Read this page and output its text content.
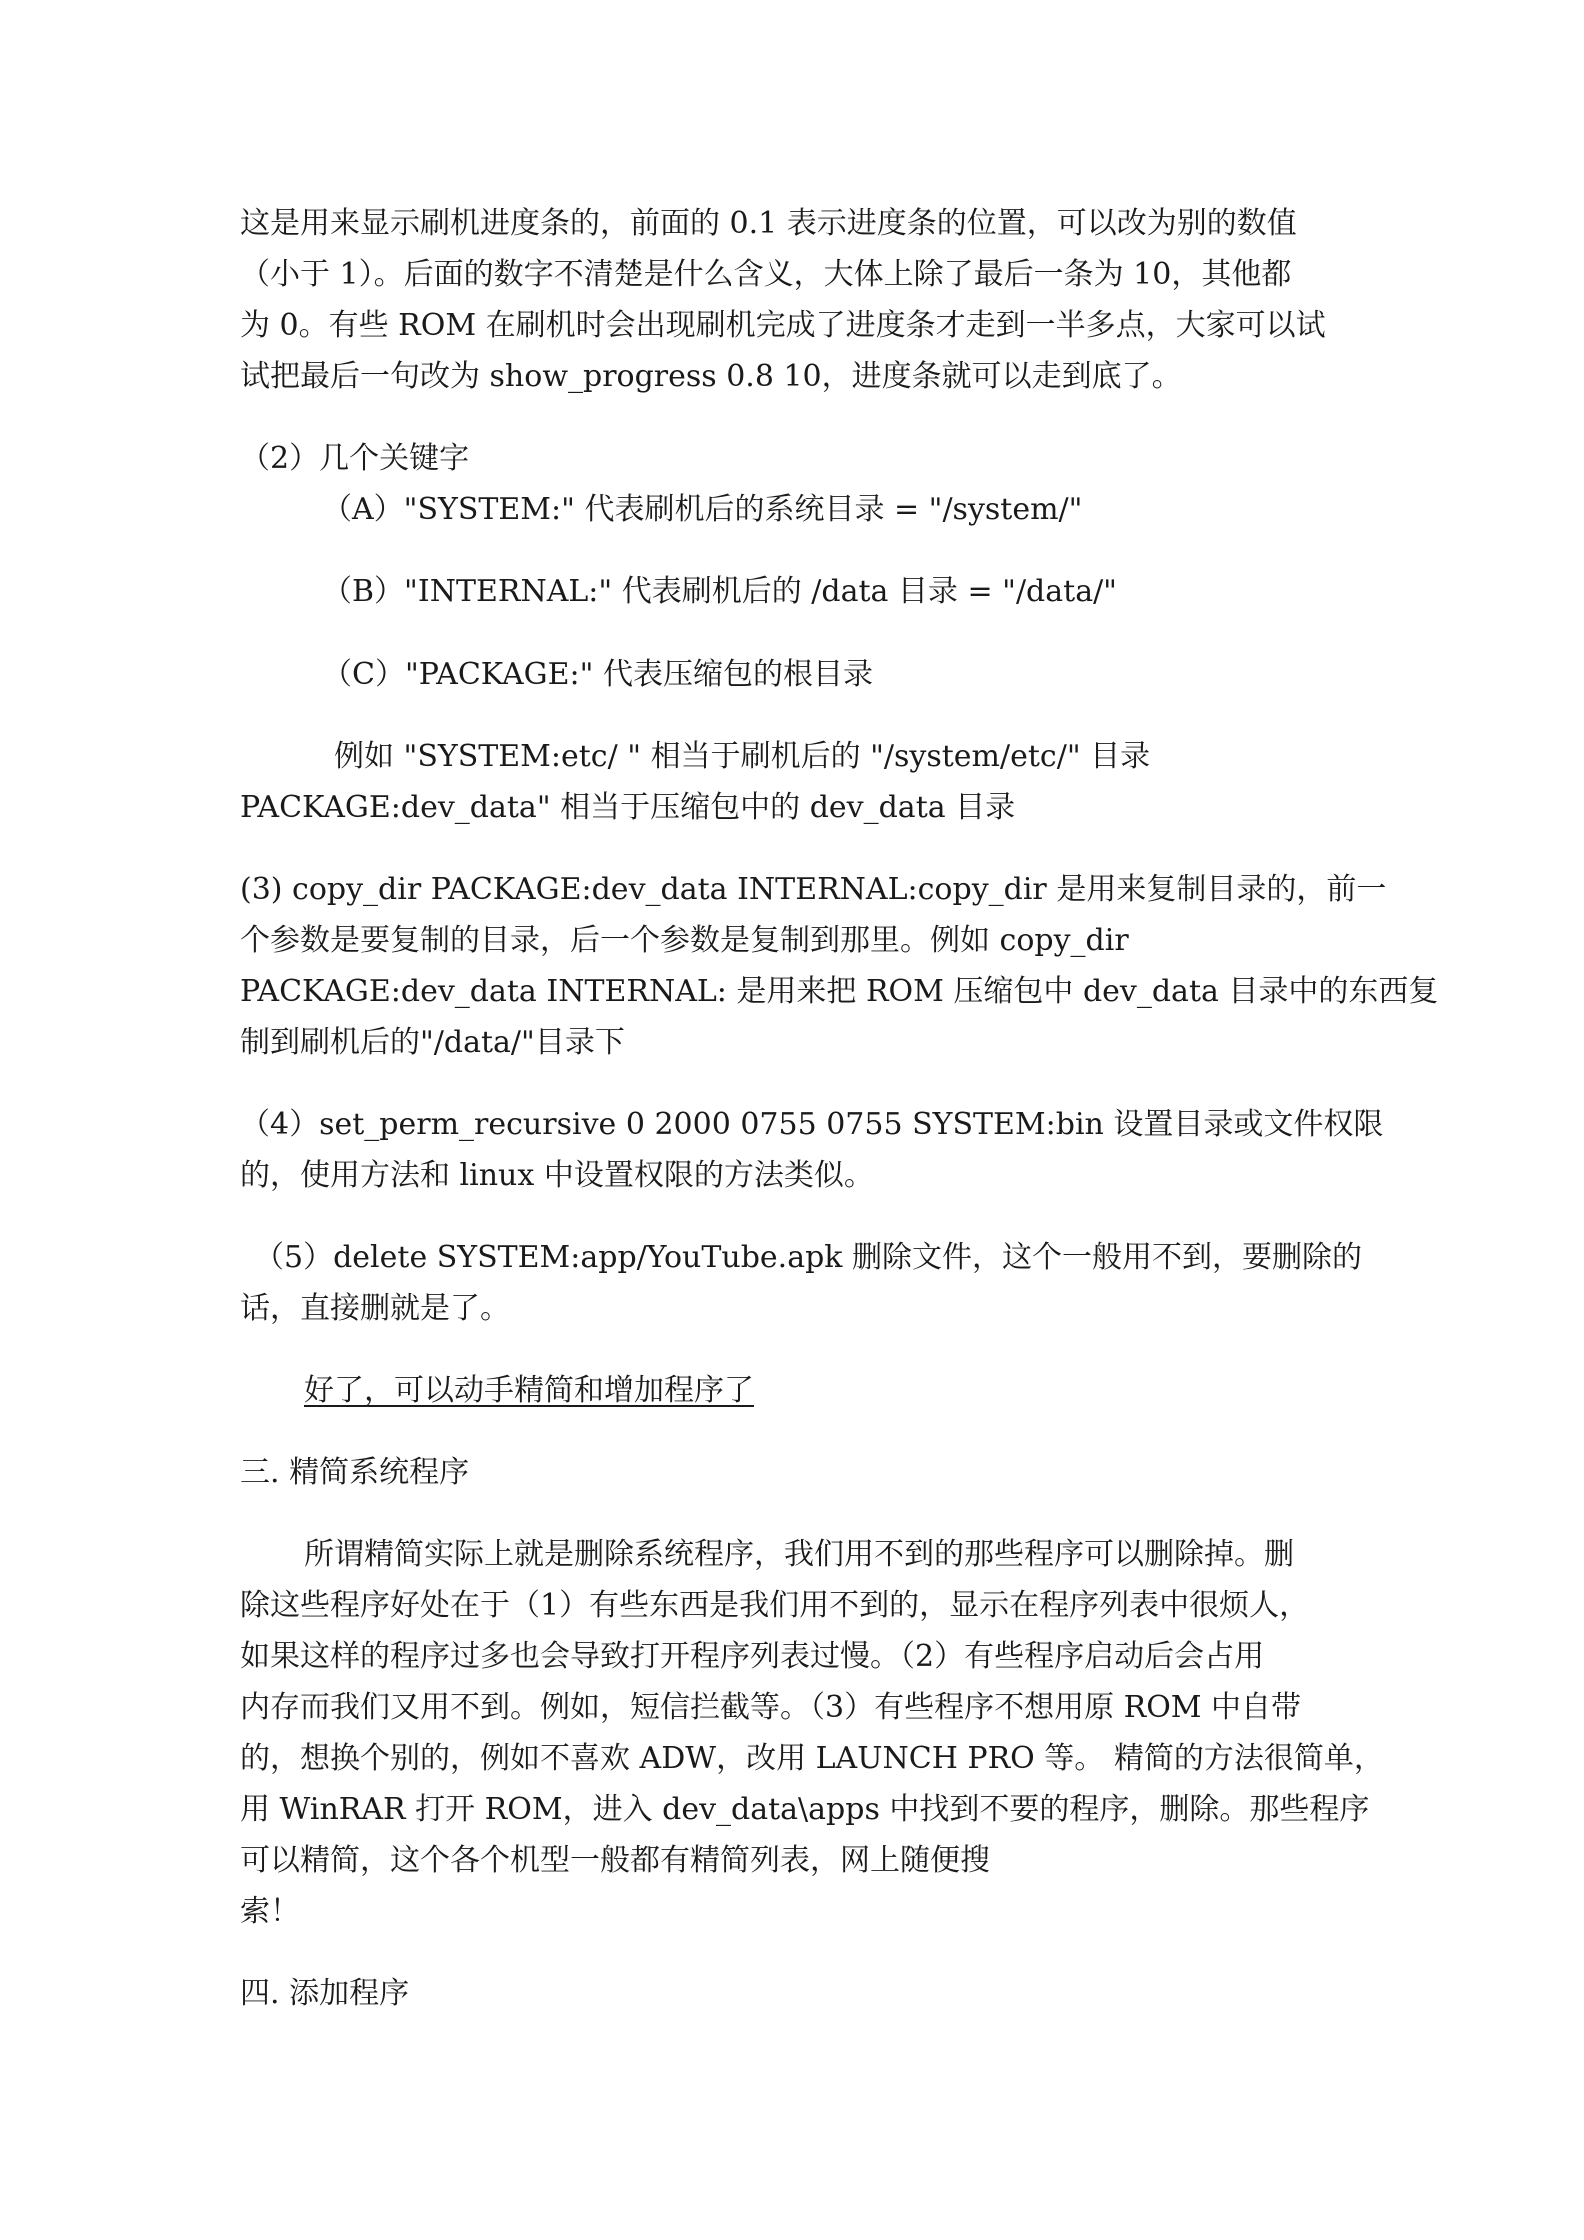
这是用来显示刷机进度条的，前面的 0.1 表示进度条的位置，可以改为别的数值
（小于 1）。后面的数字不清楚是什么含义，大体上除了最后一条为 10，其他都
为 0。有些 ROM 在刷机时会出现刷机完成了进度条才走到一半多点，大家可以试
试把最后一句改为 show_progress 0.8 10，进度条就可以走到底了。
（2）几个关键字
（A）"SYSTEM:" 代表刷机后的系统目录 = "/system/"
（B）"INTERNAL:" 代表刷机后的 /data 目录 = "/data/"
（C）"PACKAGE:" 代表压缩包的根目录
例如 "SYSTEM:etc/ " 相当于刷机后的 "/system/etc/" 目录
PACKAGE:dev_data" 相当于压缩包中的 dev_data 目录
(3) copy_dir PACKAGE:dev_data INTERNAL:copy_dir 是用来复制目录的，前一
个参数是要复制的目录，后一个参数是复制到那里。例如 copy_dir
PACKAGE:dev_data INTERNAL: 是用来把 ROM 压缩包中 dev_data 目录中的东西复
制到刷机后的"/data/"目录下
（4）set_perm_recursive 0 2000 0755 0755 SYSTEM:bin 设置目录或文件权限
的，使用方法和 linux 中设置权限的方法类似。
（5）delete SYSTEM:app/YouTube.apk 删除文件，这个一般用不到，要删除的
话，直接删就是了。
好了，可以动手精简和增加程序了
三. 精简系统程序
所谓精简实际上就是删除系统程序，我们用不到的那些程序可以删除掉。删
除这些程序好处在于（1）有些东西是我们用不到的，显示在程序列表中很烦人，
如果这样的程序过多也会导致打开程序列表过慢。（2）有些程序启动后会占用
内存而我们又用不到。例如，短信拦截等。（3）有些程序不想用原 ROM 中自带
的，想换个别的，例如不喜欢 ADW，改用 LAUNCH PRO 等。 精简的方法很简单，
用 WinRAR 打开 ROM，进入 dev_data\apps 中找到不要的程序，删除。那些程序
可以精简，这个各个机型一般都有精简列表，网上随便搜
索！
四. 添加程序
